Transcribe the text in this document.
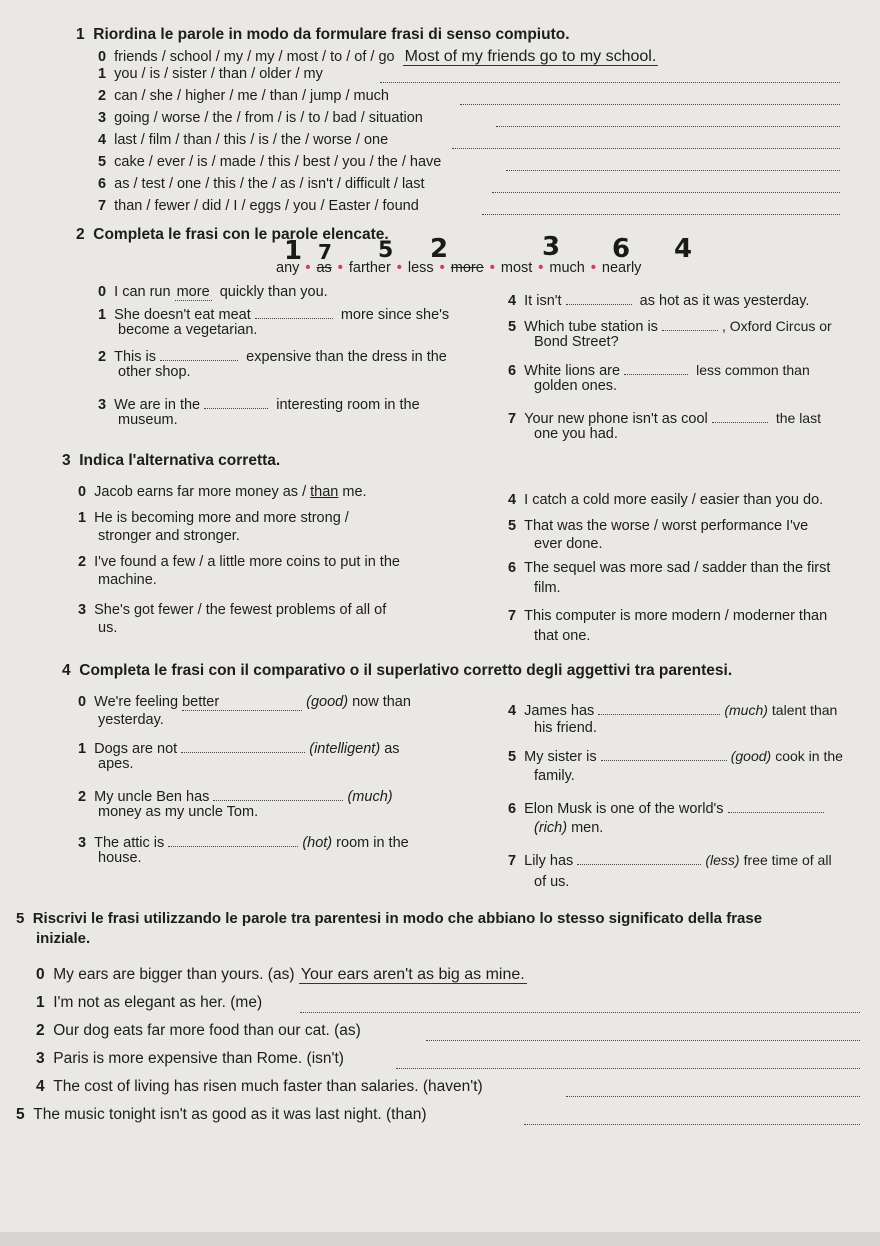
1 Riordina le parole in modo da formulare frasi di senso compiuto.
0 friends / school / my / my / most / to / of / go Most of my friends go to my school.
1 you / is / sister / than / older / my
2 can / she / higher / me / than / jump / much
3 going / worse / the / from / is / to / bad / situation
4 last / film / than / this / is / the / worse / one
5 cake / ever / is / made / this / best / you / the / have
6 as / test / one / this / the / as / isn't / difficult / last
7 than / fewer / did / I / eggs / you / Easter / found
2 Completa le frasi con le parole elencate.
1 7 5 2	3 6 4
any • as • farther • less • more • most • much • nearly
0 I can run more quickly than you.
1 She doesn't eat meat	more since she's
become a vegetarian.
2 This is	expensive than the dress in the
other shop.
3 We are in the	interesting room in the
museum.
4 It isn't	as hot as it was yesterday.
5 Which tube station is	, Oxford Circus or
Bond Street?
6 White lions are	less common than
golden ones.
7 Your new phone isn't as cool	the last
one you had.
3 Indica l'alternativa corretta.
0 Jacob earns far more money as / than me.
1 He is becoming more and more strong /
stronger and stronger.
2 I've found a few / a little more coins to put in the
machine.
3 She's got fewer / the fewest problems of all of
us.
4 I catch a cold more easily / easier than you do.
5 That was the worse / worst performance I've
ever done.
6 The sequel was more sad / sadder than the first
film.
7 This computer is more modern / moderner than
that one.
4 Completa le frasi con il comparativo o il superlativo corretto degli aggettivi tra parentesi.
0 We're feeling better	(good) now than
yesterday.
1 Dogs are not	(intelligent) as
apes.
2 My uncle Ben has	(much)
money as my uncle Tom.
3 The attic is	(hot) room in the
house.
4 James has	(much) talent than
his friend.
5 My sister is	(good) cook in the
family.
6 Elon Musk is one of the world's
(rich) men.
7 Lily has	(less) free time of all
of us.
5 Riscrivi le frasi utilizzando le parole tra parentesi in modo che abbiano lo stesso significato della frase
iniziale.
0 My ears are bigger than yours. (as) Your ears aren't as big as mine.
1 I'm not as elegant as her. (me)
2 Our dog eats far more food than our cat. (as)
3 Paris is more expensive than Rome. (isn't)
4 The cost of living has risen much faster than salaries. (haven't)
5 The music tonight isn't as good as it was last night. (than)
